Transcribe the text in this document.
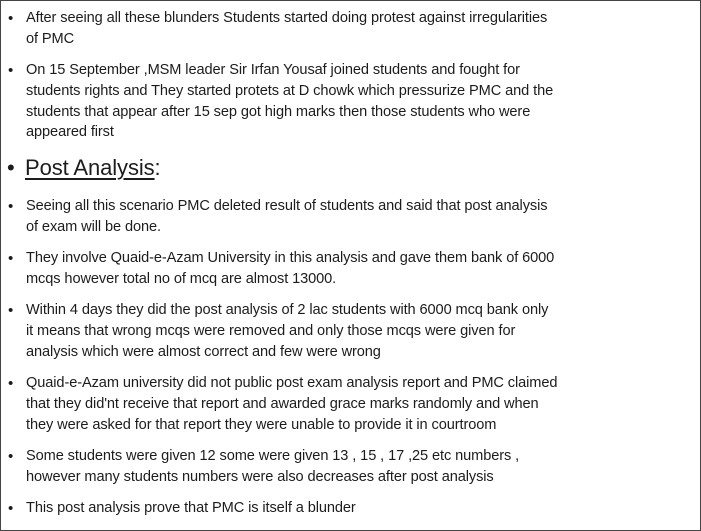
• After seeing all these blunders Students started doing protest against irregularities
of PMC
• On 15 September ,MSM leader Sir Irfan Yousaf joined students and fought for
students rights and They started protets at D chowk which pressurize PMC and the
students that appear after 15 sep got high marks then those students who were
appeared first
• Post Analysis:
• Seeing all this scenario PMC deleted result of students and said that post analysis
of exam will be done.
• They involve Quaid-e-Azam University in this analysis and gave them bank of 6000
mcqs however total no of mcq are almost 13000.
• Within 4 days they did the post analysis of 2 lac students with 6000 mcq bank only
it means that wrong mcqs were removed and only those mcqs were given for
analysis which were almost correct and few were wrong
• Quaid-e-Azam university did not public post exam analysis report and PMC claimed
that they did'nt receive that report and awarded grace marks randomly and when
they were asked for that report they were unable to provide it in courtroom
• Some students were given 12 some were given 13 , 15 , 17 ,25 etc numbers ,
however many students numbers were also decreases after post analysis
• This post analysis prove that PMC is itself a blunder
